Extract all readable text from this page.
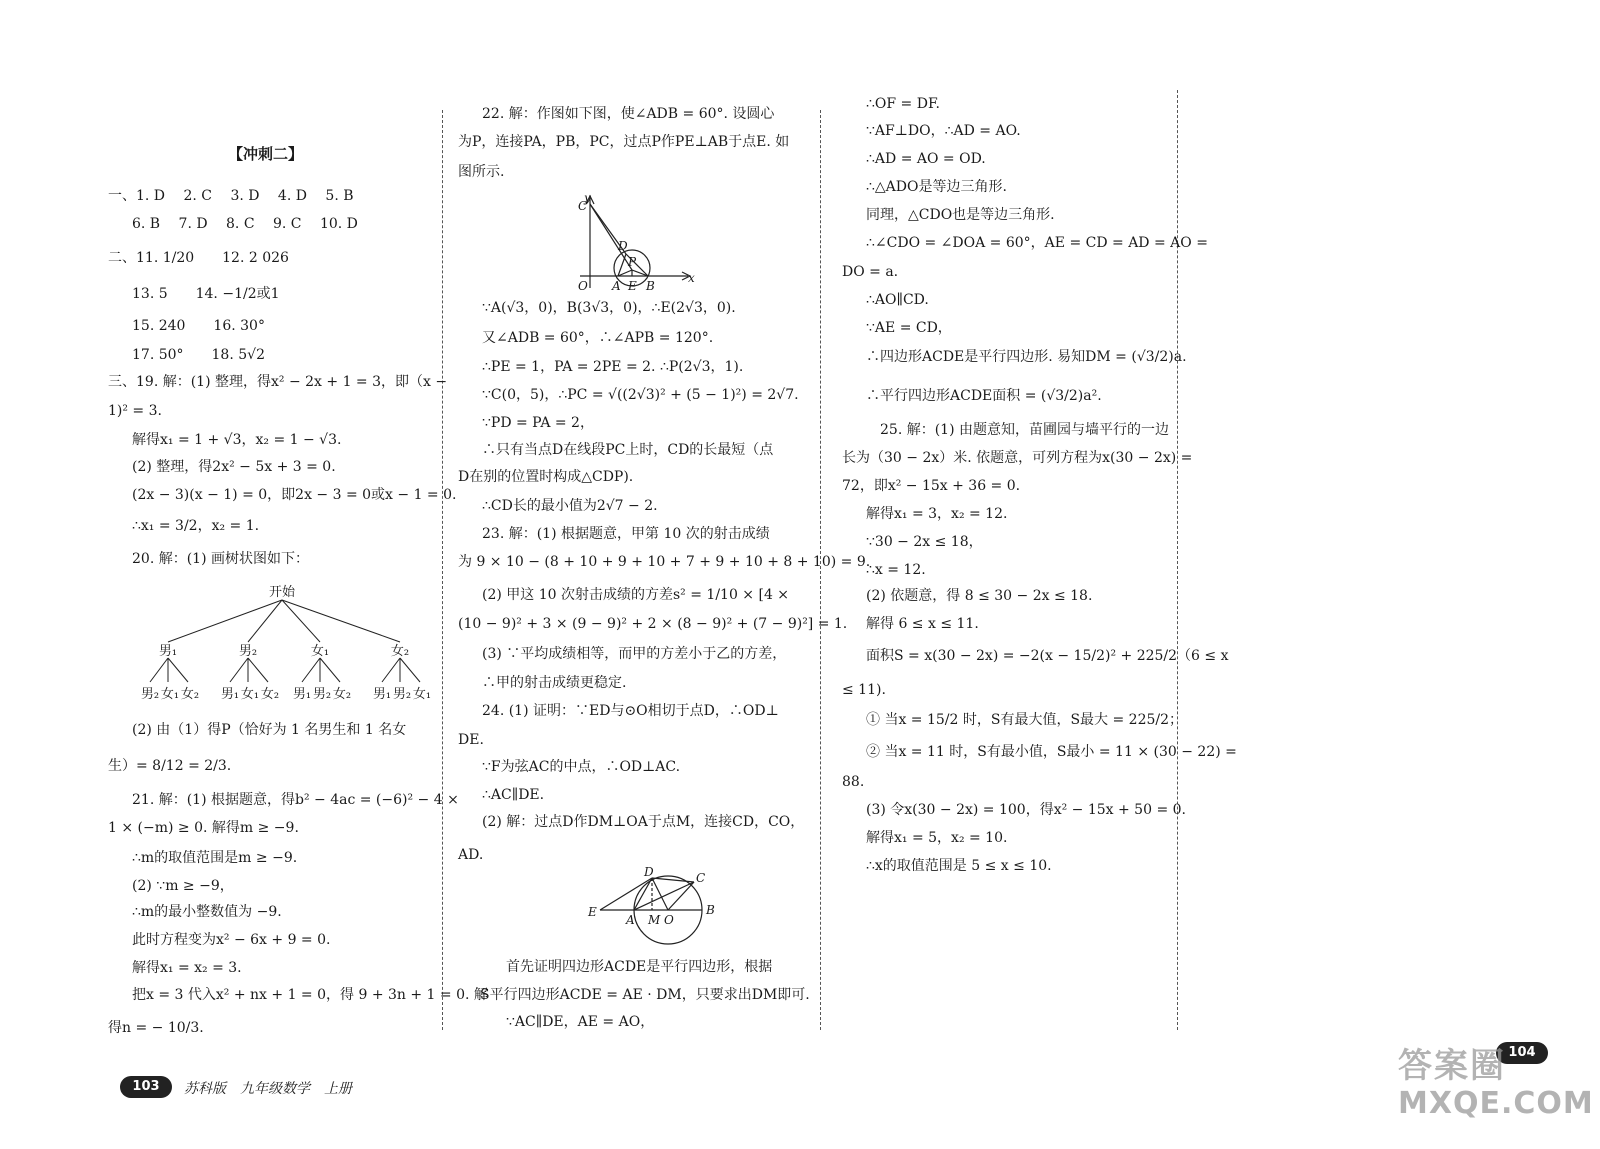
【冲刺二】
一、1. D　 2. C　 3. D　 4. D　 5. B
6. B　 7. D　 8. C　 9. C　 10. D
二、11. 1/20　　12. 2 026
13. 5　　14. −1/2或1
15. 240　　16. 30°
17. 50°　　18. 5√2
三、19. 解：(1) 整理，得x² − 2x + 1 = 3，即（x −
1)² = 3.
解得x₁ = 1 + √3，x₂ = 1 − √3.
(2) 整理，得2x² − 5x + 3 = 0.
(2x − 3)(x − 1) = 0，即2x − 3 = 0或x − 1 = 0.
∴x₁ = 3/2，x₂ = 1.
20. 解：(1) 画树状图如下：
开始
男₁	男₂	女₁	女₂
男₂ 女₁ 女₂ 男₁ 女₁ 女₂ 男₁ 男₂ 女₂ 男₁ 男₂ 女₁
(2) 由（1）得P（恰好为 1 名男生和 1 名女
生）= 8/12 = 2/3.
21. 解：(1) 根据题意，得b² − 4ac = (−6)² − 4 ×
1 × (−m) ≥ 0. 解得m ≥ −9.
∴m的取值范围是m ≥ −9.
(2) ∵m ≥ −9，
∴m的最小整数值为 −9.
此时方程变为x² − 6x + 9 = 0.
解得x₁ = x₂ = 3.
把x = 3 代入x² + nx + 1 = 0，得 9 + 3n + 1 = 0. 解
得n = − 10/3.
22. 解：作图如下图，使∠ADB = 60°. 设圆心
为P，连接PA，PB，PC，过点P作PE⊥AB于点E. 如
图所示.
y
C
D
P
O A E B
x
∵A(√3，0)，B(3√3，0)，∴E(2√3，0).
又∠ADB = 60°，∴∠APB = 120°.
∴PE = 1，PA = 2PE = 2. ∴P(2√3，1).
∵C(0，5)，∴PC = √((2√3)² + (5 − 1)²) = 2√7.
∵PD = PA = 2，
∴只有当点D在线段PC上时，CD的长最短（点
D在别的位置时构成△CDP).
∴CD长的最小值为2√7 − 2.
23. 解：(1) 根据题意，甲第 10 次的射击成绩
为 9 × 10 − (8 + 10 + 9 + 10 + 7 + 9 + 10 + 8 + 10) = 9.
(2) 甲这 10 次射击成绩的方差s² = 1/10 × [4 ×
(10 − 9)² + 3 × (9 − 9)² + 2 × (8 − 9)² + (7 − 9)²] = 1.
(3) ∵平均成绩相等，而甲的方差小于乙的方差，
∴甲的射击成绩更稳定.
24. (1) 证明：∵ED与⊙O相切于点D，∴OD⊥
DE.
∵F为弦AC的中点，∴OD⊥AC.
∴AC∥DE.
(2) 解：过点D作DM⊥OA于点M，连接CD，CO，
AD.
D	C
E
A M O
B
首先证明四边形ACDE是平行四边形，根据
S平行四边形ACDE = AE · DM，只要求出DM即可.
∵AC∥DE，AE = AO，
∴OF = DF.
∵AF⊥DO，∴AD = AO.
∴AD = AO = OD.
∴△ADO是等边三角形.
同理，△CDO也是等边三角形.
∴∠CDO = ∠DOA = 60°，AE = CD = AD = AO =
DO = a.
∴AO∥CD.
∵AE = CD，
∴四边形ACDE是平行四边形. 易知DM = (√3/2)a.
∴平行四边形ACDE面积 = (√3/2)a².
25. 解：(1) 由题意知，苗圃园与墙平行的一边
长为（30 − 2x）米. 依题意，可列方程为x(30 − 2x) =
72，即x² − 15x + 36 = 0.
解得x₁ = 3，x₂ = 12.
∵30 − 2x ≤ 18，
∴x = 12.
(2) 依题意，得 8 ≤ 30 − 2x ≤ 18.
解得 6 ≤ x ≤ 11.
面积S = x(30 − 2x) = −2(x − 15/2)² + 225/2（6 ≤ x
≤ 11).
① 当x = 15/2 时，S有最大值，S最大 = 225/2；
② 当x = 11 时，S有最小值，S最小 = 11 × (30 − 22) =
88.
(3) 令x(30 − 2x) = 100，得x² − 15x + 50 = 0.
解得x₁ = 5，x₂ = 10.
∴x的取值范围是 5 ≤ x ≤ 10.
103	苏科版　九年级数学　上册
104
答案圈
MXQE.COM
